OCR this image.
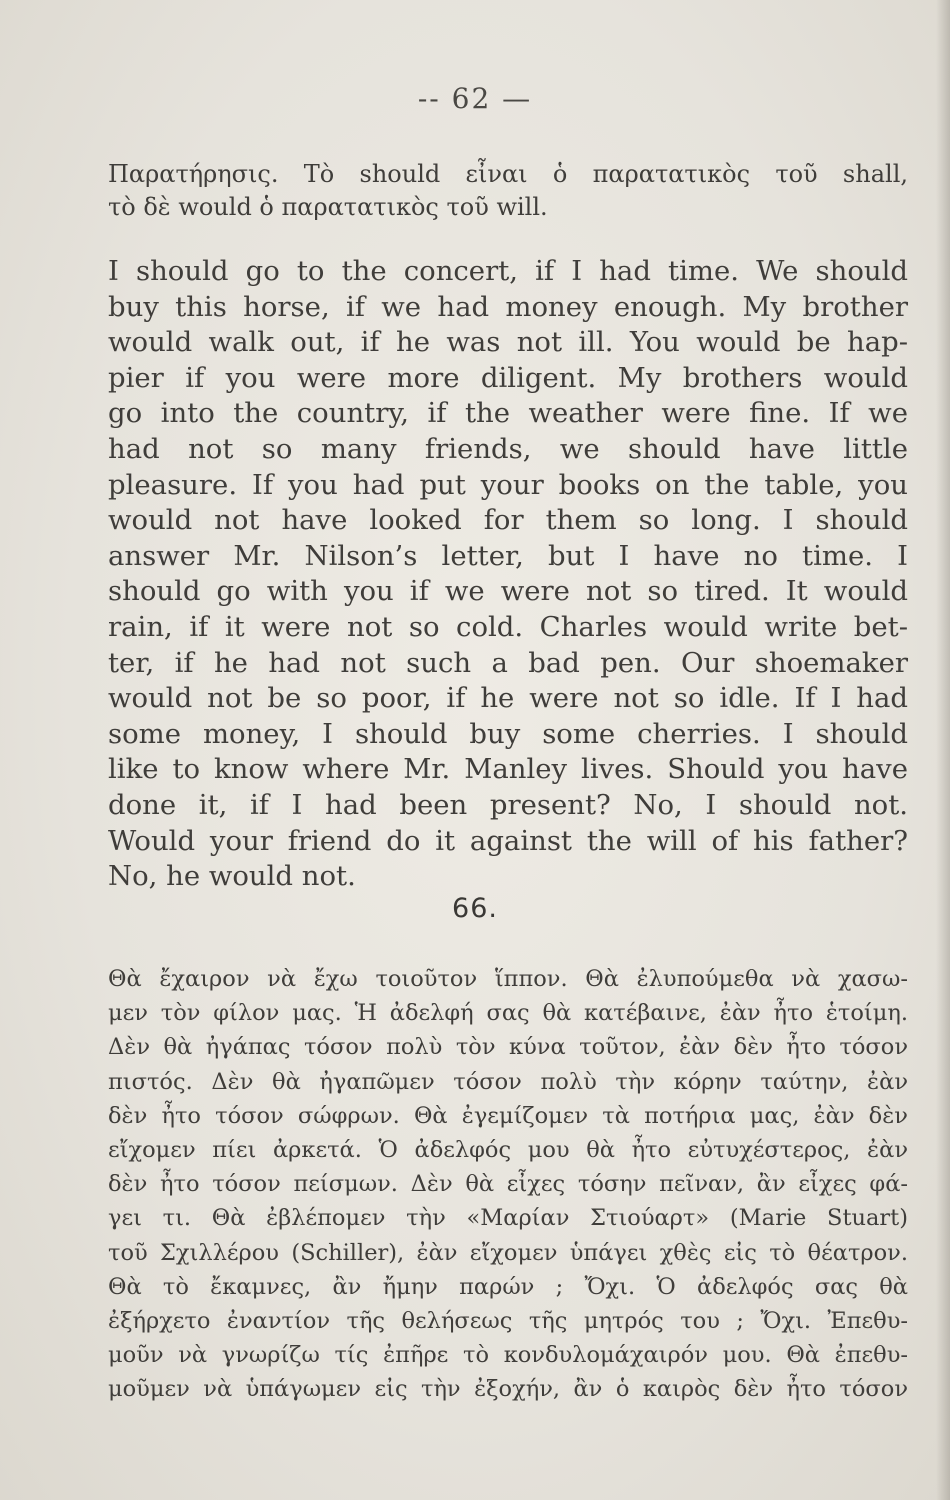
-- 62 —
Παρατήρησις. Τὸ should εἶναι ὁ παρατατικὸς τοῦ shall,
τὸ δὲ would ὁ παρατατικὸς τοῦ will.
I should go to the concert, if I had time. We should
buy this horse, if we had money enough. My brother
would walk out, if he was not ill. You would be hap-
pier if you were more diligent. My brothers would
go into the country, if the weather were fine. If we
had not so many friends, we should have little
pleasure. If you had put your books on the table, you
would not have looked for them so long. I should
answer Mr. Nilson’s letter, but I have no time. I
should go with you if we were not so tired. It would
rain, if it were not so cold. Charles would write bet-
ter, if he had not such a bad pen. Our shoemaker
would not be so poor, if he were not so idle. If I had
some money, I should buy some cherries. I should
like to know where Mr. Manley lives. Should you have
done it, if I had been present? No, I should not.
Would your friend do it against the will of his father?
No, he would not.
66.
Θὰ ἔχαιρον νὰ ἔχω τοιοῦτον ἵππον. Θὰ ἐλυπούμεθα νὰ χασω-
μεν τὸν φίλον μας. Ἡ ἀδελφή σας θὰ κατέβαινε, ἐὰν ἦτο ἑτοίμη.
Δὲν θὰ ἠγάπας τόσον πολὺ τὸν κύνα τοῦτον, ἐὰν δὲν ἦτο τόσον
πιστός. Δὲν θὰ ἠγαπῶμεν τόσον πολὺ τὴν κόρην ταύτην, ἐὰν
δὲν ἦτο τόσον σώφρων. Θὰ ἐγεμίζομεν τὰ ποτήρια μας, ἐὰν δὲν
εἴχομεν πίει ἀρκετά. Ὁ ἀδελφός μου θὰ ἦτο εὐτυχέστερος, ἐὰν
δὲν ἦτο τόσον πείσμων. Δὲν θὰ εἶχες τόσην πεῖναν, ἂν εἶχες φά-
γει τι. Θὰ ἐβλέπομεν τὴν «Μαρίαν Στιούαρτ» (Marie Stuart)
τοῦ Σχιλλέρου (Schiller), ἐὰν εἴχομεν ὑπάγει χθὲς εἰς τὸ θέατρον.
Θὰ τὸ ἔκαμνες, ἂν ἤμην παρών ; Ὄχι. Ὁ ἀδελφός σας θὰ
ἐξήρχετο ἐναντίον τῆς θελήσεως τῆς μητρός του ; Ὄχι. Ἐπεθυ-
μοῦν νὰ γνωρίζω τίς ἐπῆρε τὸ κονδυλομάχαιρόν μου. Θὰ ἐπεθυ-
μοῦμεν νὰ ὑπάγωμεν εἰς τὴν ἐξοχήν, ἂν ὁ καιρὸς δὲν ἦτο τόσον
